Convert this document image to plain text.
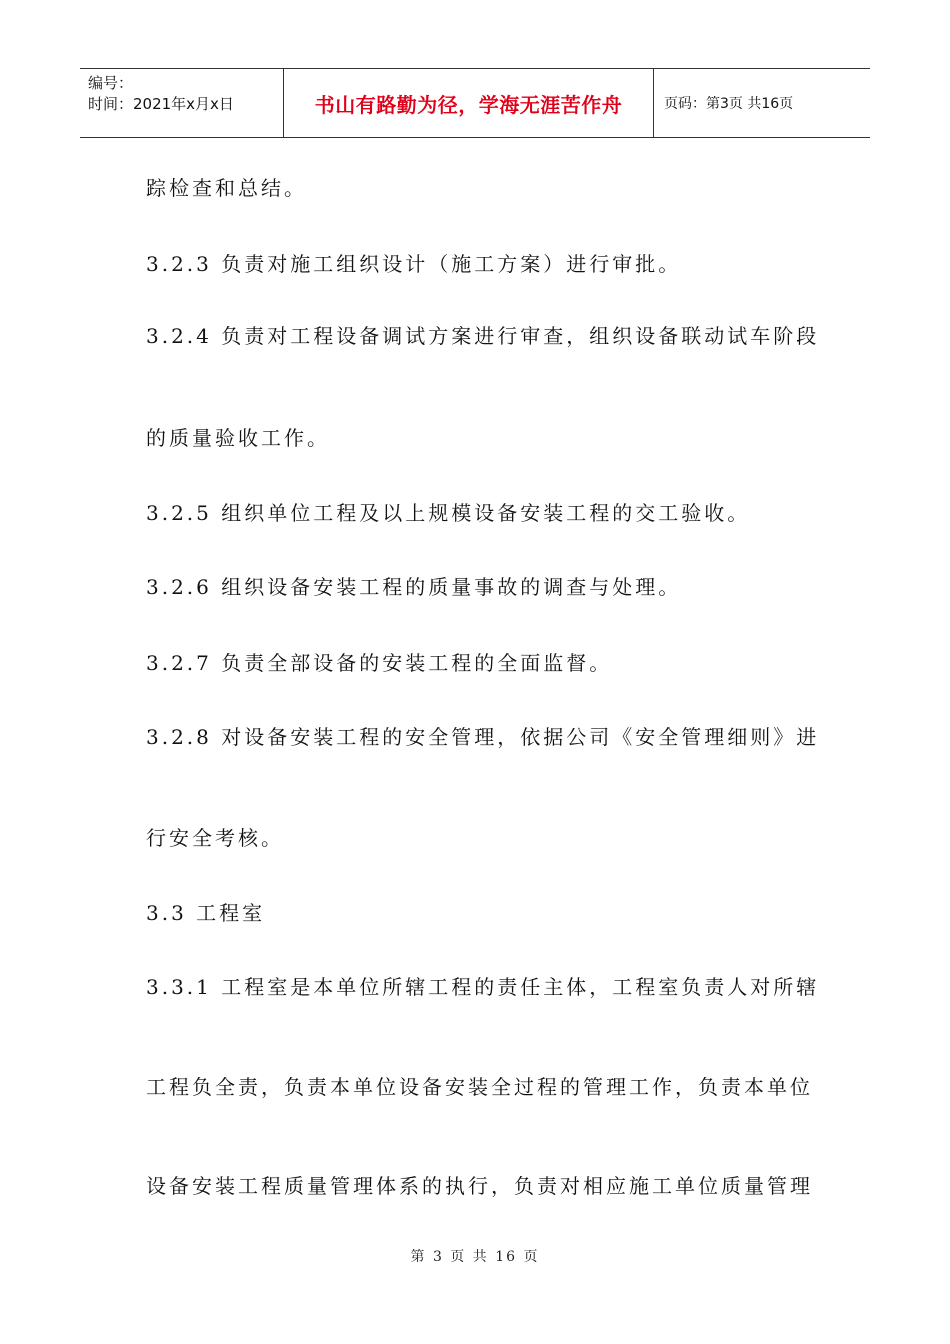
编号：
时间：2021年x月x日	书山有路勤为径，学海无涯苦作舟	页码：第3页 共16页
踪检查和总结。
3.2.3 负责对施工组织设计（施工方案）进行审批。
3.2.4 负责对工程设备调试方案进行审查，组织设备联动试车阶段
的质量验收工作。
3.2.5 组织单位工程及以上规模设备安装工程的交工验收。
3.2.6 组织设备安装工程的质量事故的调查与处理。
3.2.7 负责全部设备的安装工程的全面监督。
3.2.8 对设备安装工程的安全管理，依据公司《安全管理细则》进
行安全考核。
3.3 工程室
3.3.1 工程室是本单位所辖工程的责任主体，工程室负责人对所辖
工程负全责，负责本单位设备安装全过程的管理工作，负责本单位
设备安装工程质量管理体系的执行，负责对相应施工单位质量管理
第 3 页 共 16 页
